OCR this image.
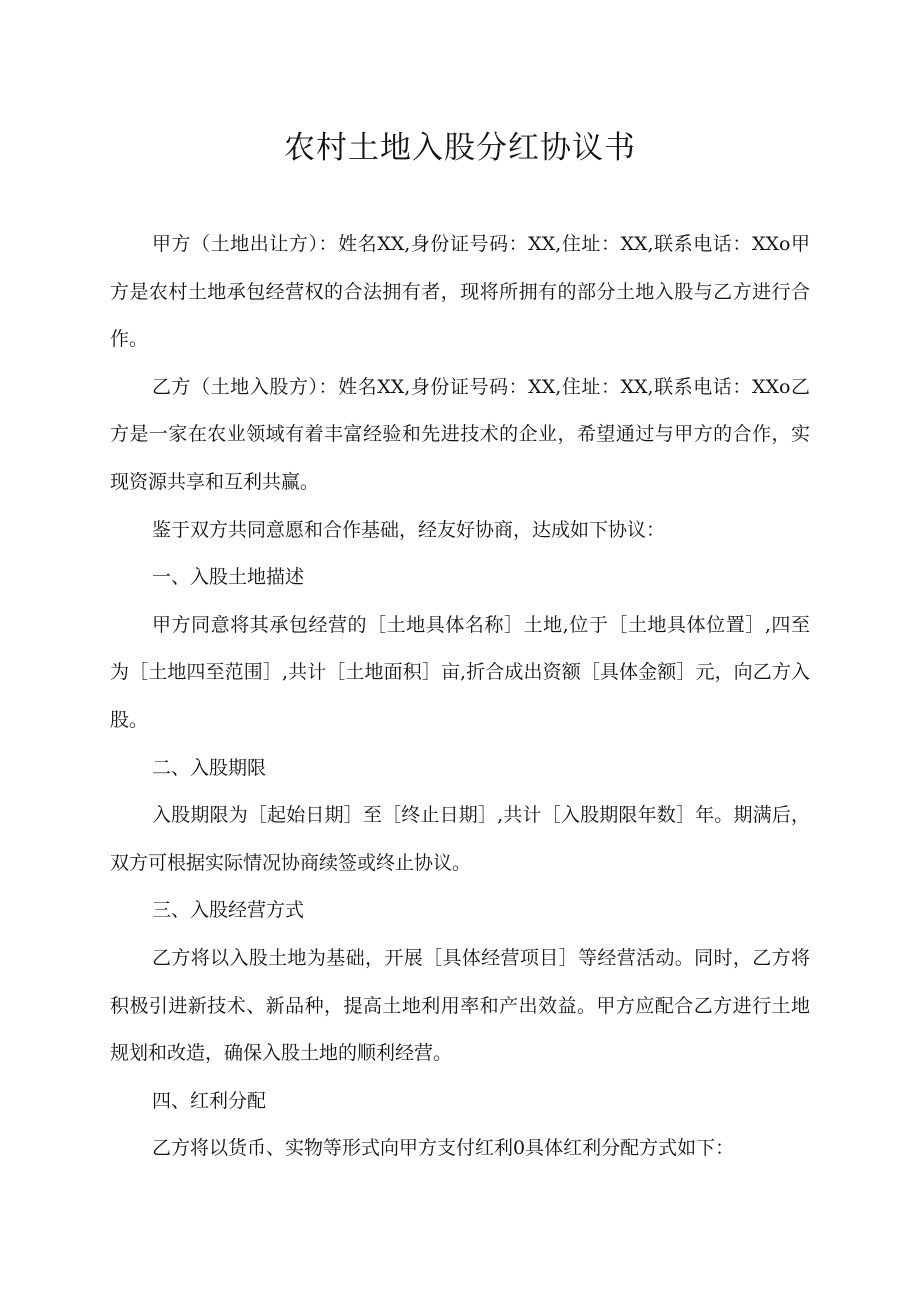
农村土地入股分红协议书

甲方（土地出让方）：姓名XX,身份证号码：XX,住址：XX,联系电话：XXo甲方是农村土地承包经营权的合法拥有者，现将所拥有的部分土地入股与乙方进行合作。

乙方（土地入股方）：姓名XX,身份证号码：XX,住址：XX,联系电话：XXo乙方是一家在农业领域有着丰富经验和先进技术的企业，希望通过与甲方的合作，实现资源共享和互利共赢。

鉴于双方共同意愿和合作基础，经友好协商，达成如下协议：

一、入股土地描述

甲方同意将其承包经营的［土地具体名称］土地,位于［土地具体位置］,四至为［土地四至范围］,共计［土地面积］亩,折合成出资额［具体金额］元，向乙方入股。

二、入股期限

入股期限为［起始日期］至［终止日期］,共计［入股期限年数］年。期满后，双方可根据实际情况协商续签或终止协议。

三、入股经营方式

乙方将以入股土地为基础，开展［具体经营项目］等经营活动。同时，乙方将积极引进新技术、新品种，提高土地利用率和产出效益。甲方应配合乙方进行土地规划和改造，确保入股土地的顺利经营。

四、红利分配

乙方将以货币、实物等形式向甲方支付红利0具体红利分配方式如下：
